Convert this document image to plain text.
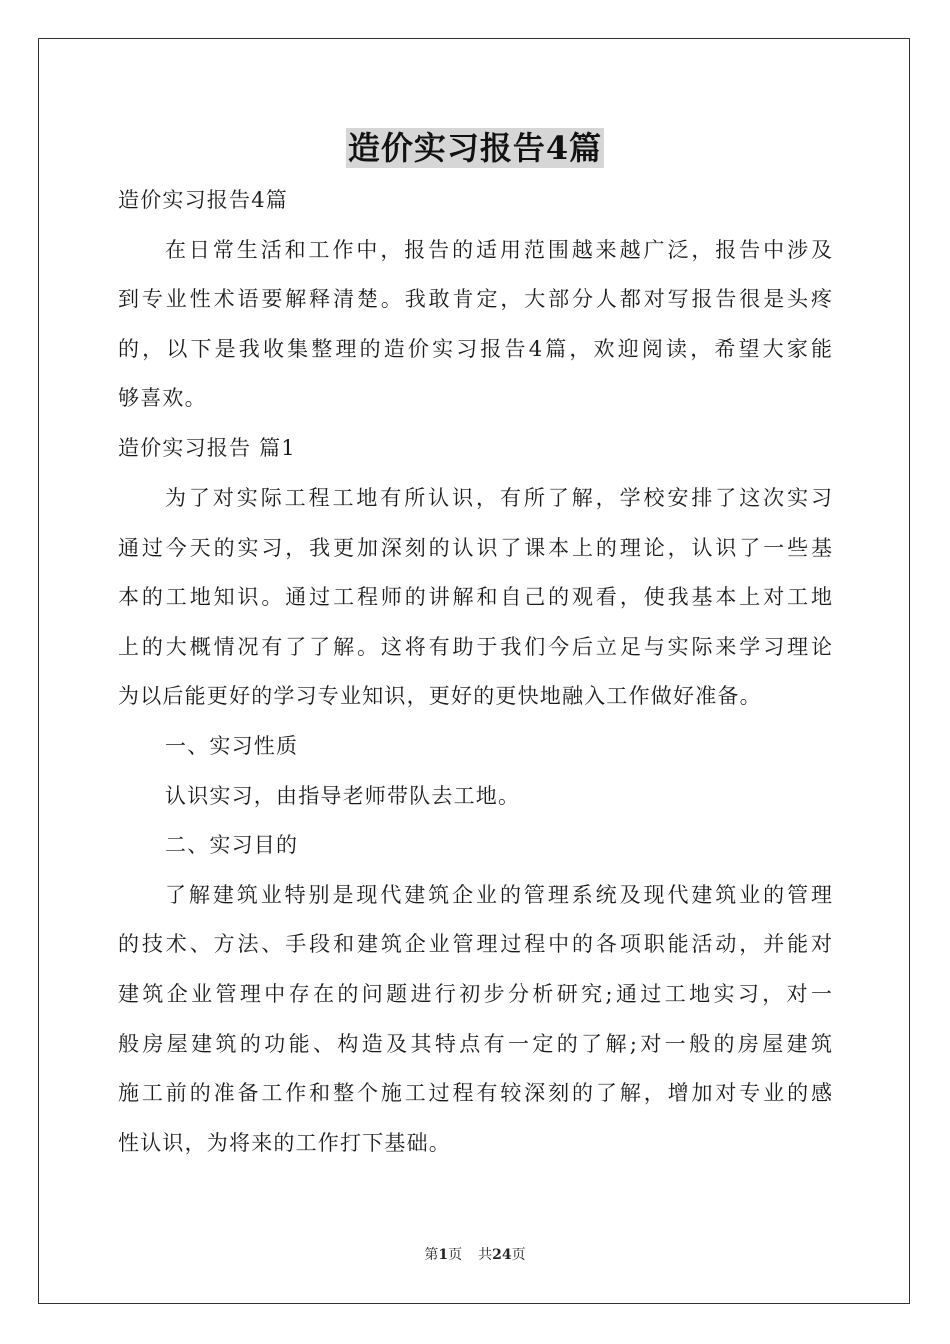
造价实习报告4篇
造价实习报告4篇
在日常生活和工作中，报告的适用范围越来越广泛，报告中涉及
到专业性术语要解释清楚。我敢肯定，大部分人都对写报告很是头疼
的，以下是我收集整理的造价实习报告4篇，欢迎阅读，希望大家能
够喜欢。
造价实习报告 篇1
为了对实际工程工地有所认识，有所了解，学校安排了这次实习
通过今天的实习，我更加深刻的认识了课本上的理论，认识了一些基
本的工地知识。通过工程师的讲解和自己的观看，使我基本上对工地
上的大概情况有了了解。这将有助于我们今后立足与实际来学习理论
为以后能更好的学习专业知识，更好的更快地融入工作做好准备。
一、实习性质
认识实习，由指导老师带队去工地。
二、实习目的
了解建筑业特别是现代建筑企业的管理系统及现代建筑业的管理
的技术、方法、手段和建筑企业管理过程中的各项职能活动，并能对
建筑企业管理中存在的问题进行初步分析研究;通过工地实习，对一
般房屋建筑的功能、构造及其特点有一定的了解;对一般的房屋建筑
施工前的准备工作和整个施工过程有较深刻的了解，增加对专业的感
性认识，为将来的工作打下基础。
第1页 共24页
